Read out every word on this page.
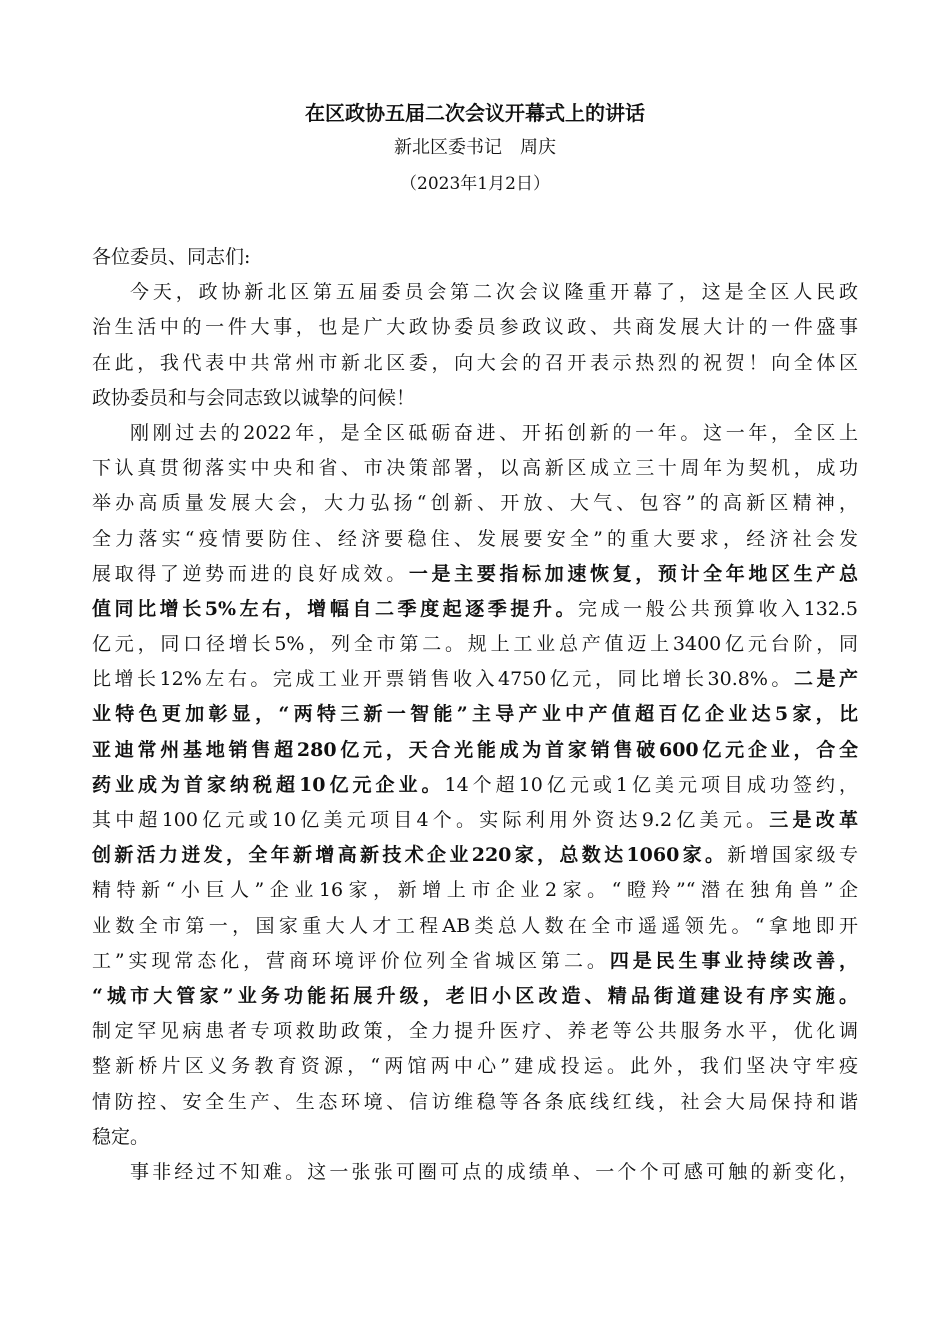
在区政协五届二次会议开幕式上的讲话
新北区委书记　周庆
（2023年1月2日）
各位委员、同志们:
今天，政协新北区第五届委员会第二次会议隆重开幕了，这是全区人民政
治生活中的一件大事，也是广大政协委员参政议政、共商发展大计的一件盛事
在此，我代表中共常州市新北区委，向大会的召开表示热烈的祝贺！向全体区
政协委员和与会同志致以诚挚的问候！
刚刚过去的2022年，是全区砥砺奋进、开拓创新的一年。这一年，全区上
下认真贯彻落实中央和省、市决策部署，以高新区成立三十周年为契机，成功
举办高质量发展大会，大力弘扬“创新、开放、大气、包容”的高新区精神，
全力落实“疫情要防住、经济要稳住、发展要安全”的重大要求，经济社会发
展取得了逆势而进的良好成效。一是主要指标加速恢复，预计全年地区生产总
值同比增长5%左右，增幅自二季度起逐季提升。完成一般公共预算收入132.5
亿元，同口径增长5%，列全市第二。规上工业总产值迈上3400亿元台阶，同
比增长12%左右。完成工业开票销售收入4750亿元，同比增长30.8%。二是产
业特色更加彰显，“两特三新一智能”主导产业中产值超百亿企业达5家，比
亚迪常州基地销售超280亿元，天合光能成为首家销售破600亿元企业，合全
药业成为首家纳税超10亿元企业。14个超10亿元或1亿美元项目成功签约，
其中超100亿元或10亿美元项目4个。实际利用外资达9.2亿美元。三是改革
创新活力迸发，全年新增高新技术企业220家，总数达1060家。新增国家级专
精特新“小巨人”企业16家，新增上市企业2家。“瞪羚”“潜在独角兽”企
业数全市第一，国家重大人才工程AB类总人数在全市遥遥领先。“拿地即开
工”实现常态化，营商环境评价位列全省城区第二。四是民生事业持续改善，
“城市大管家”业务功能拓展升级，老旧小区改造、精品街道建设有序实施。
制定罕见病患者专项救助政策，全力提升医疗、养老等公共服务水平，优化调
整新桥片区义务教育资源，“两馆两中心”建成投运。此外，我们坚决守牢疫
情防控、安全生产、生态环境、信访维稳等各条底线红线，社会大局保持和谐
稳定。
事非经过不知难。这一张张可圈可点的成绩单、一个个可感可触的新变化，
